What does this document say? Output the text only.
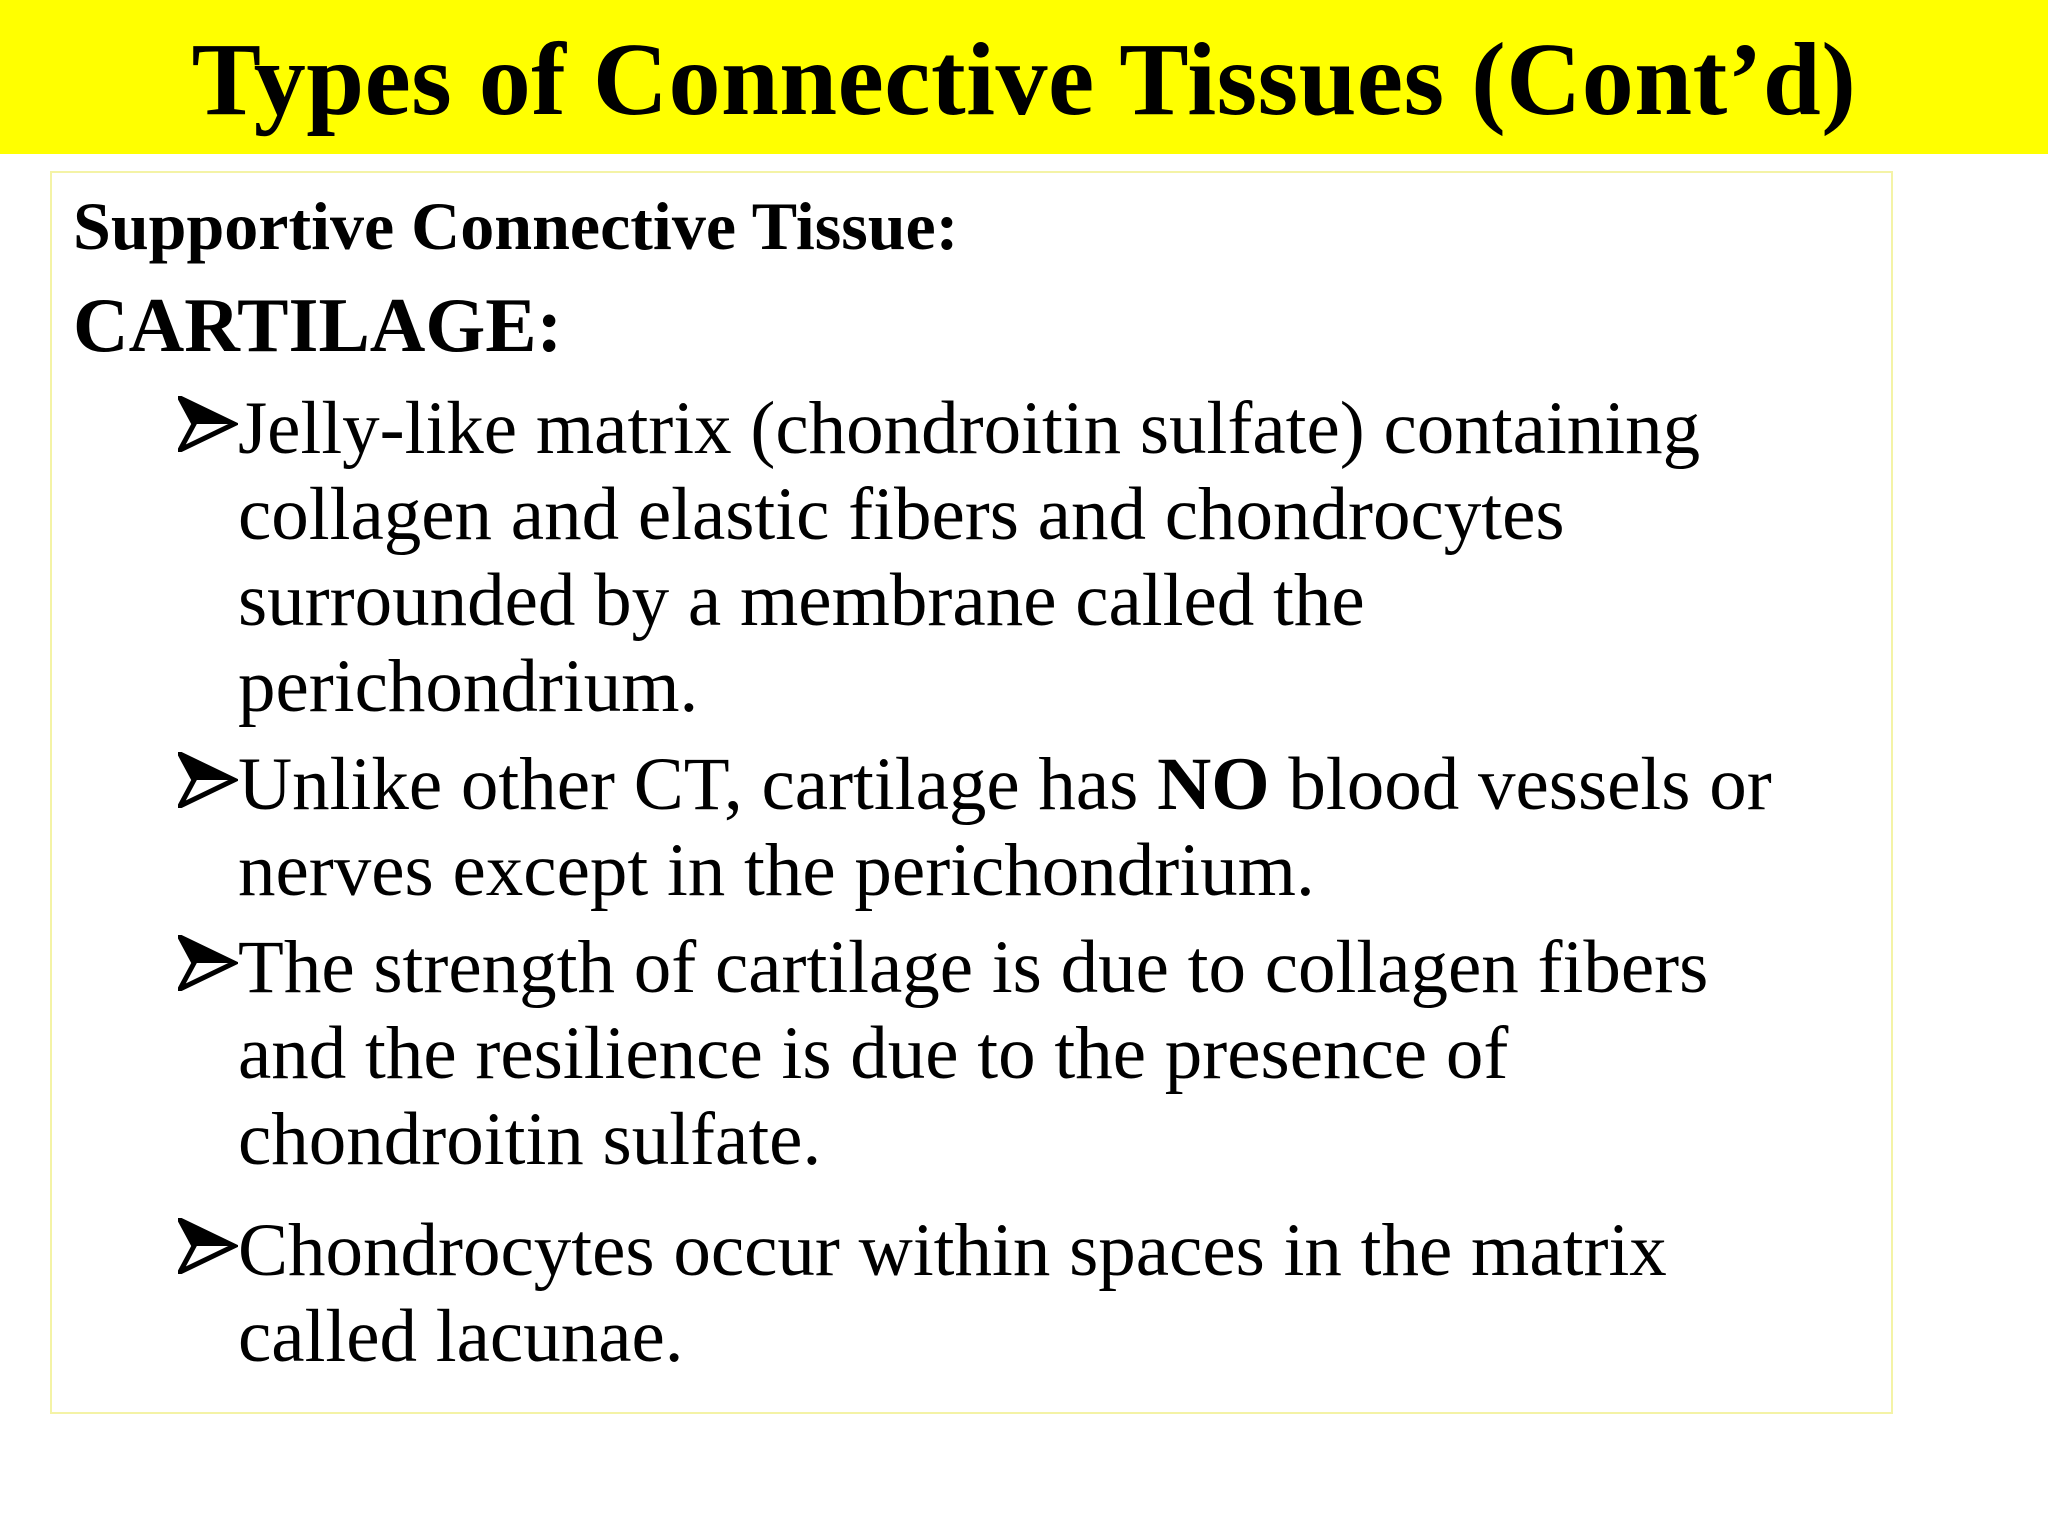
Types of Connective Tissues (Cont’d)
Supportive Connective Tissue:
CARTILAGE:
Jelly-like matrix (chondroitin sulfate) containing
collagen and elastic fibers and chondrocytes
surrounded by a membrane called the
perichondrium.
Unlike other CT, cartilage has NO blood vessels or
nerves except in the perichondrium.
The strength of cartilage is due to collagen fibers
and the resilience is due to the presence of
chondroitin sulfate.
Chondrocytes occur within spaces in the matrix
called lacunae.
